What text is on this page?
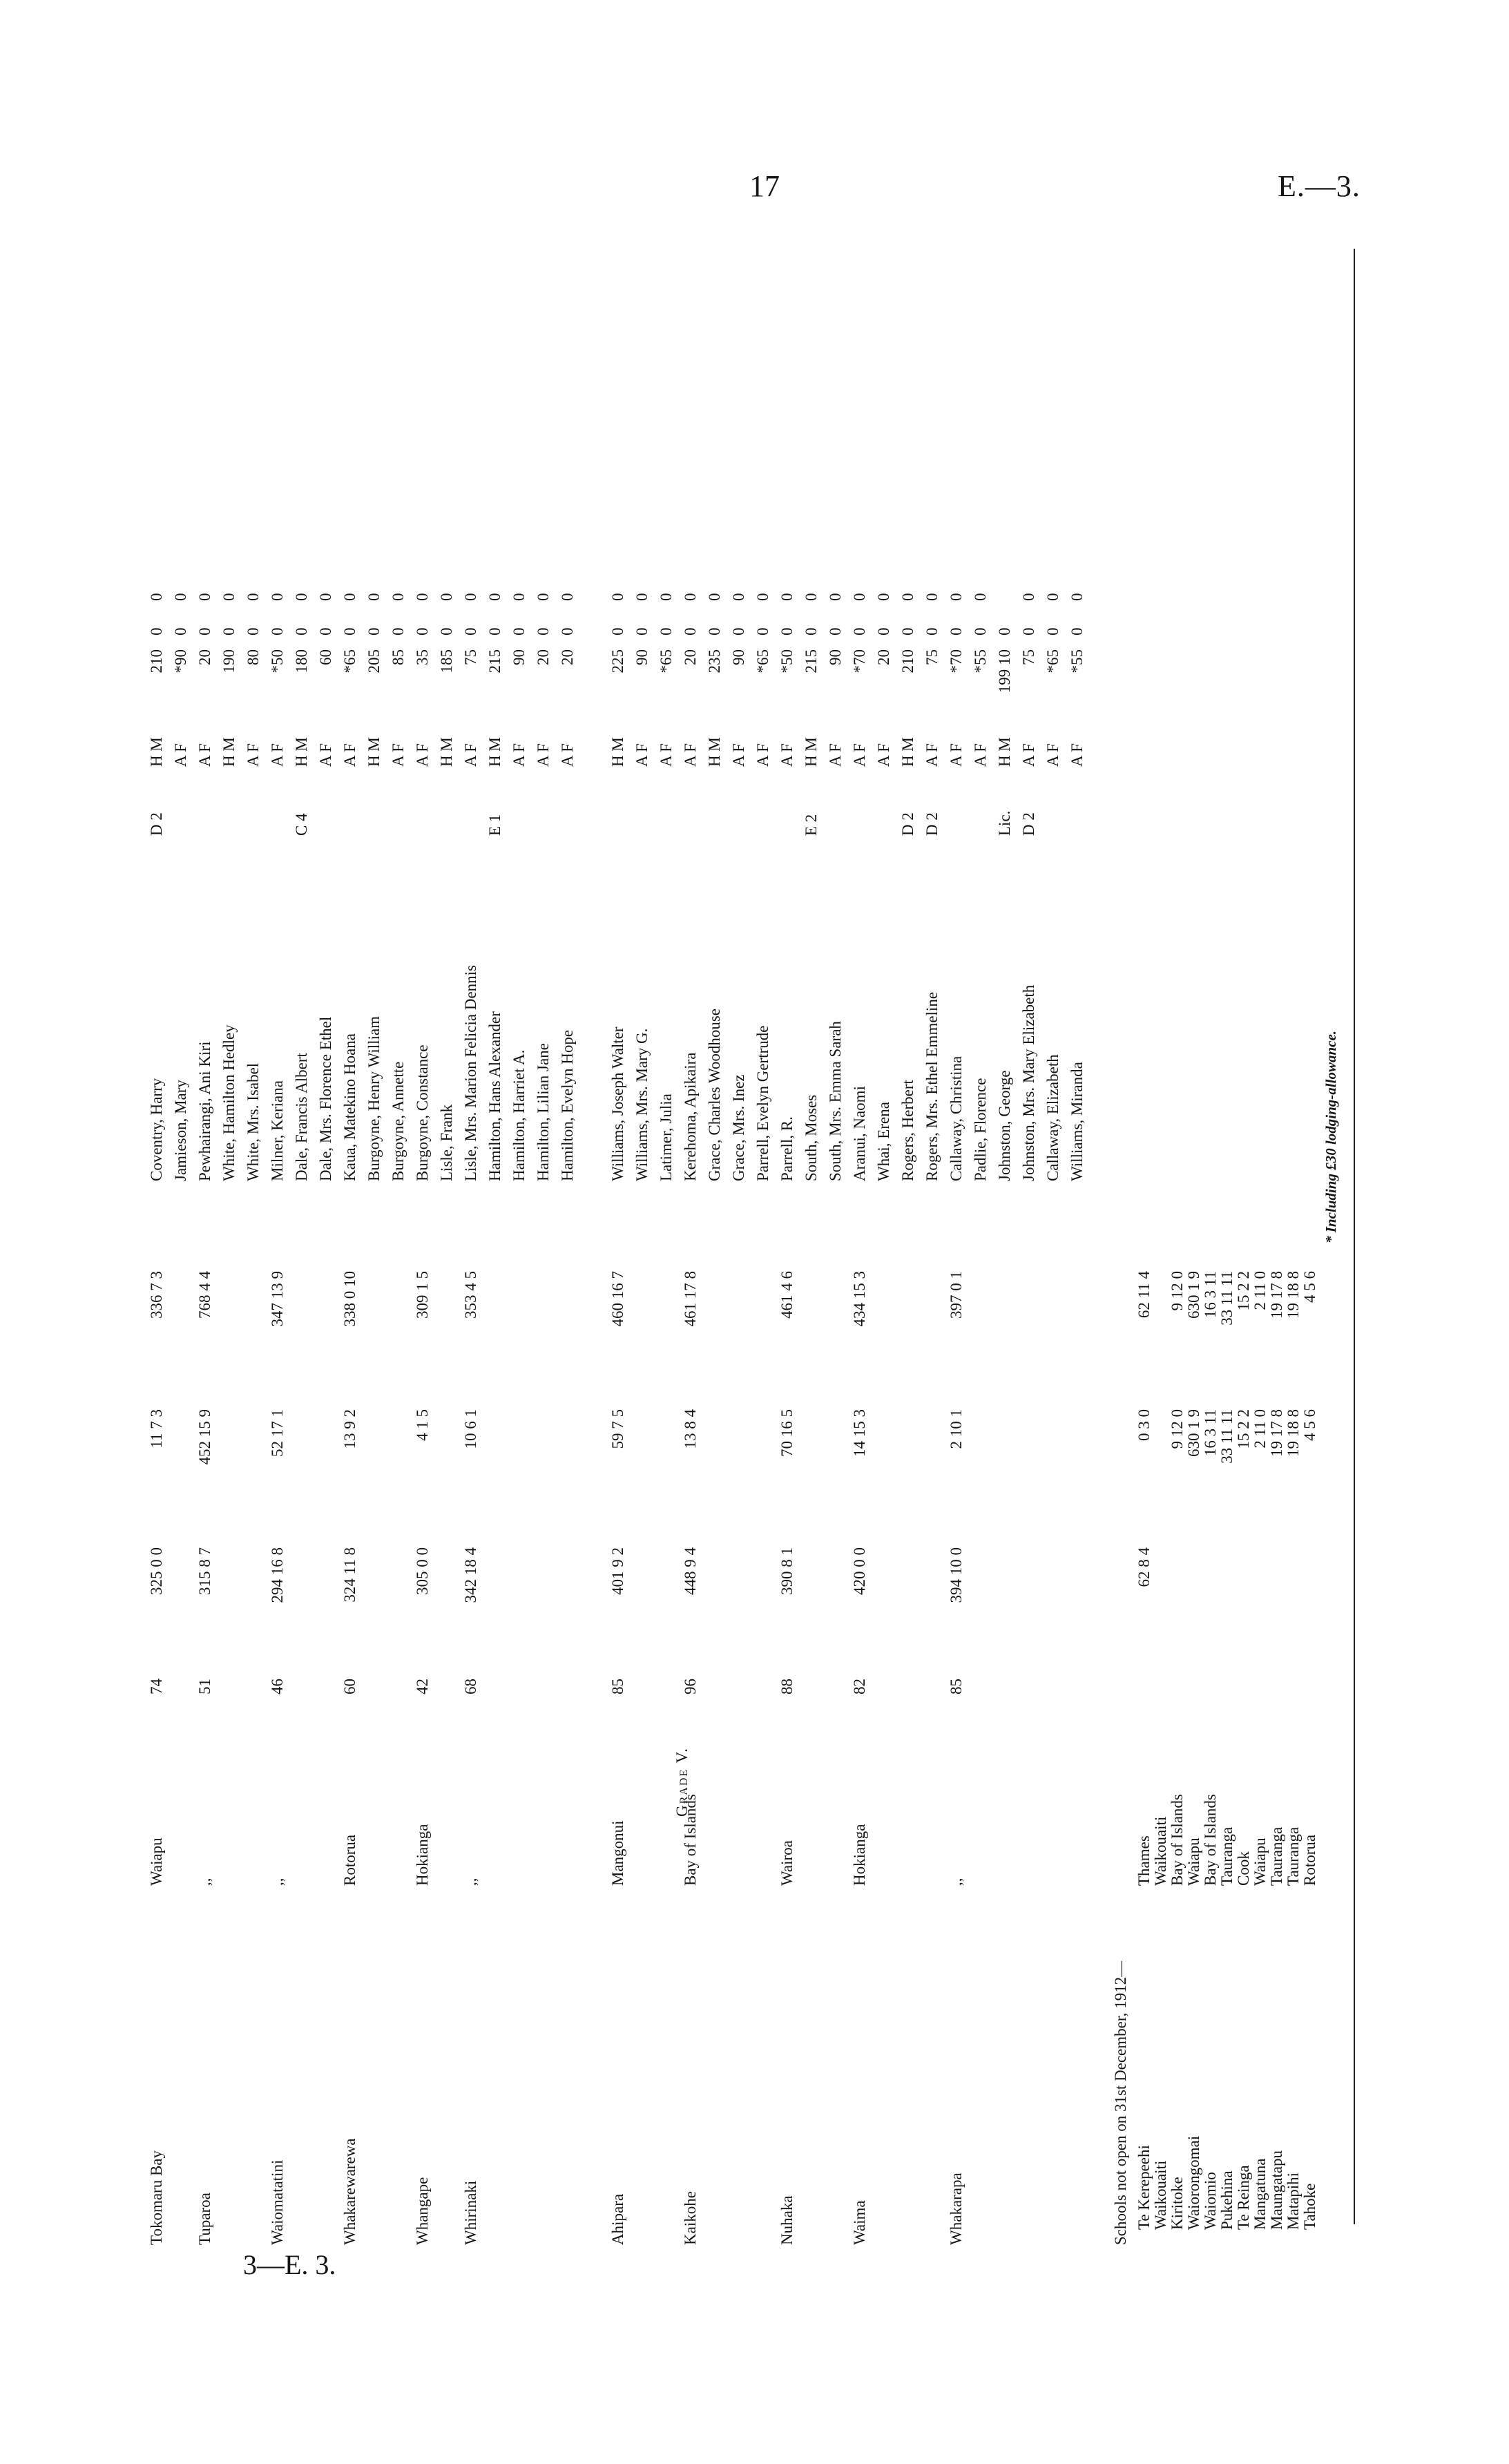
17	E.—3.
3—E. 3.
Grade V.
Schools not open on 31st December, 1912—
* Including £30 lodging-allowance.
Tokomaru Bay
Waiapu
74
325 0 0
11 7 3
336 7 3
Coventry, Harry
D 2
H M
210
0
0
Jamieson, Mary
A F
*90
0
0
Tuparoa
,,
51
315 8 7
452 15 9
768 4 4
Pewhairangi, Ani Kiri
A F
20
0
0
White, Hamilton Hedley
H M
190
0
0
White, Mrs. Isabel
A F
80
0
0
Waiomatatini
,,
46
294 16 8
52 17 1
347 13 9
Milner, Keriana
A F
*50
0
0
Dale, Francis Albert
C 4
H M
180
0
0
Dale, Mrs. Florence Ethel
A F
60
0
0
Whakarewarewa
Rotorua
60
324 11 8
13 9 2
338 0 10
Kaua, Matekino Hoana
A F
*65
0
0
Burgoyne, Henry William
H M
205
0
0
Burgoyne, Annette
A F
85
0
0
Whangape
Hokianga
42
305 0 0
4 1 5
309 1 5
Burgoyne, Constance
A F
35
0
0
Lisle, Frank
H M
185
0
0
Whirinaki
,,
68
342 18 4
10 6 1
353 4 5
Lisle, Mrs. Marion Felicia Dennis
A F
75
0
0
Hamilton, Hans Alexander
E 1
H M
215
0
0
Hamilton, Harriet A.
A F
90
0
0
Hamilton, Lilian Jane
A F
20
0
0
Hamilton, Evelyn Hope
A F
20
0
0
Ahipara
Mangonui
85
401 9 2
59 7 5
460 16 7
Williams, Joseph Walter
H M
225
0
0
Williams, Mrs. Mary G.
A F
90
0
0
Latimer, Julia
A F
*65
0
0
Kaikohe
Bay of Islands
96
448 9 4
13 8 4
461 17 8
Kerehoma, Apikaira
A F
20
0
0
Grace, Charles Woodhouse
H M
235
0
0
Grace, Mrs. Inez
A F
90
0
0
Parrell, Evelyn Gertrude
A F
*65
0
0
Nuhaka
Wairoa
88
390 8 1
70 16 5
461 4 6
Parrell, R.
A F
*50
0
0
South, Moses
E 2
H M
215
0
0
South, Mrs. Emma Sarah
A F
90
0
0
Waima
Hokianga
82
420 0 0
14 15 3
434 15 3
Aranui, Naomi
A F
*70
0
0
Whai, Erena
A F
20
0
0
Rogers, Herbert
D 2
H M
210
0
0
Rogers, Mrs. Ethel Emmeline
D 2
A F
75
0
0
Whakarapa
,,
85
394 10 0
2 10 1
397 0 1
Callaway, Christina
A F
*70
0
0
Padlie, Florence
A F
*55
0
0
Johnston, George
Lic.
H M
199 10
0
Johnston, Mrs. Mary Elizabeth
D 2
A F
75
0
0
Callaway, Elizabeth
A F
*65
0
0
Williams, Miranda
A F
*55
0
0
Te Kerepeehi
Thames
62 8 4
0 3 0
62 11 4
Waikouaiti
Waikouaiti
Kiritoke
Bay of Islands
9 12 0
9 12 0
Waiorongomai
Waiapu
630 1 9
630 1 9
Waiomio
Bay of Islands
16 3 11
16 3 11
Pukehina
Tauranga
33 11 11
33 11 11
Te Reinga
Cook
15 2 2
15 2 2
Mangatuna
Waiapu
2 11 0
2 11 0
Maungatapu
Tauranga
19 17 8
19 17 8
Matapihi
Tauranga
19 18 8
19 18 8
Tahoke
Rotorua
4 5 6
4 5 6
